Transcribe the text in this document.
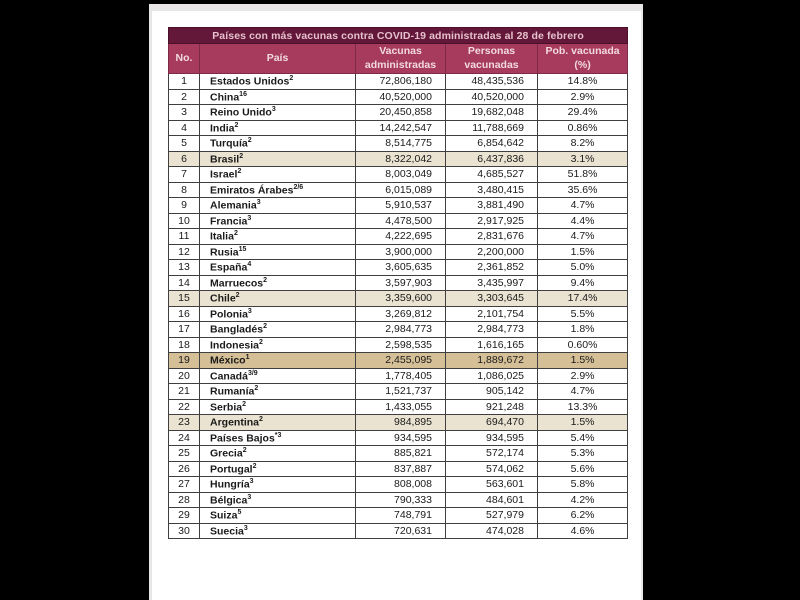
Países con más vacunas contra COVID-19 administradas al 28 de febrero				
No.	País	Vacunas administradas	Personas vacunadas	Pob. vacunada (%)
1	Estados Unidos$^2$	72,806,180	48,435,536	14.8%
2	China$^{16}$	40,520,000	40,520,000	2.9%
3	Reino Unido$^3$	20,450,858	19,682,048	29.4%
4	India$^2$	14,242,547	11,788,669	0.86%
5	Turquía$^2$	8,514,775	6,854,642	8.2%
6	Brasil$^2$	8,322,042	6,437,836	3.1%
7	Israel$^2$	8,003,049	4,685,527	51.8%
8	Emiratos Árabes$^{2/6}$	6,015,089	3,480,415	35.6%
9	Alemania$^3$	5,910,537	3,881,490	4.7%
10	Francia$^3$	4,478,500	2,917,925	4.4%
11	Italia$^2$	4,222,695	2,831,676	4.7%
12	Rusia$^{15}$	3,900,000	2,200,000	1.5%
13	España$^4$	3,605,635	2,361,852	5.0%
14	Marruecos$^2$	3,597,903	3,435,997	9.4%
15	Chile$^2$	3,359,600	3,303,645	17.4%
16	Polonia$^3$	3,269,812	2,101,754	5.5%
17	Bangladés$^2$	2,984,773	2,984,773	1.8%
18	Indonesia$^2$	2,598,535	1,616,165	0.60%
19	México$^1$	2,455,095	1,889,672	1.5%
20	Canadá$^{3/9}$	1,778,405	1,086,025	2.9%
21	Rumanía$^2$	1,521,737	905,142	4.7%
22	Serbia$^2$	1,433,055	921,248	13.3%
23	Argentina$^2$	984,895	694,470	1.5%
24	Países Bajos$^{*3}$	934,595	934,595	5.4%
25	Grecia$^2$	885,821	572,174	5.3%
26	Portugal$^2$	837,887	574,062	5.6%
27	Hungría$^3$	808,008	563,601	5.8%
28	Bélgica$^3$	790,333	484,601	4.2%
29	Suiza$^5$	748,791	527,979	6.2%
30	Suecia$^3$	720,631	474,028	4.6%
